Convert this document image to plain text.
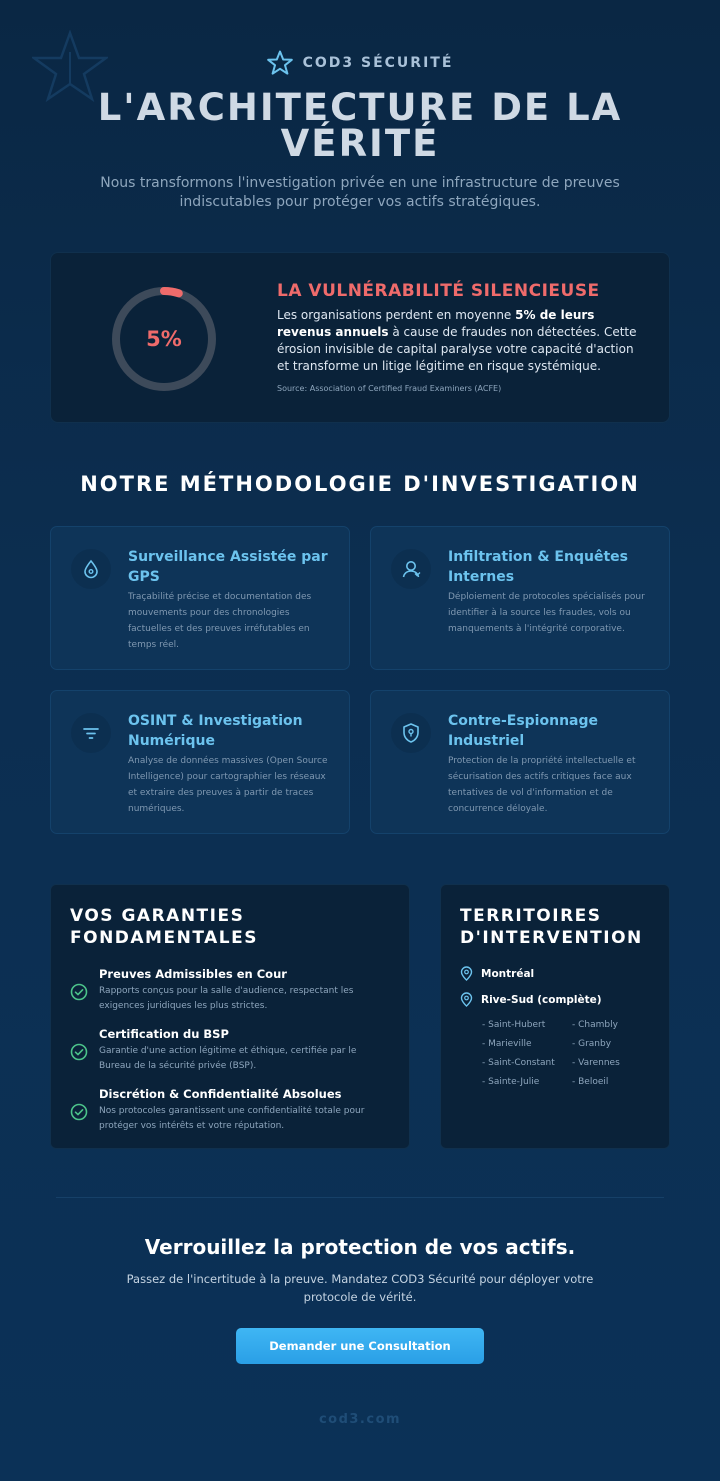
COD3 SÉCURITÉ
L'ARCHITECTURE DE LA VÉRITÉ
Nous transformons l'investigation privée en une infrastructure de preuves indiscutables pour protéger vos actifs stratégiques.
5%
LA VULNÉRABILITÉ SILENCIEUSE
Les organisations perdent en moyenne 5% de leurs revenus annuels à cause de fraudes non détectées. Cette érosion invisible de capital paralyse votre capacité d'action et transforme un litige légitime en risque systémique.
Source: Association of Certified Fraud Examiners (ACFE)
NOTRE MÉTHODOLOGIE D'INVESTIGATION
Surveillance Assistée par GPS
Traçabilité précise et documentation des mouvements pour des chronologies factuelles et des preuves irréfutables en temps réel.
Infiltration & Enquêtes Internes
Déploiement de protocoles spécialisés pour identifier à la source les fraudes, vols ou manquements à l'intégrité corporative.
OSINT & Investigation Numérique
Analyse de données massives (Open Source Intelligence) pour cartographier les réseaux et extraire des preuves à partir de traces numériques.
Contre-Espionnage Industriel
Protection de la propriété intellectuelle et sécurisation des actifs critiques face aux tentatives de vol d'information et de concurrence déloyale.
VOS GARANTIES
FONDAMENTALES
Preuves Admissibles en Cour
Rapports conçus pour la salle d'audience, respectant les exigences juridiques les plus strictes.
Certification du BSP
Garantie d'une action légitime et éthique, certifiée par le Bureau de la sécurité privée (BSP).
Discrétion & Confidentialité Absolues
Nos protocoles garantissent une confidentialité totale pour protéger vos intérêts et votre réputation.
TERRITOIRES
D'INTERVENTION
Montréal
Rive-Sud (complète)
- Saint-Hubert
- Marieville
- Saint-Constant
- Sainte-Julie
- Chambly
- Granby
- Varennes
- Beloeil
Verrouillez la protection de vos actifs.
Passez de l'incertitude à la preuve. Mandatez COD3 Sécurité pour déployer votre protocole de vérité.
Demander une Consultation
cod3.com
